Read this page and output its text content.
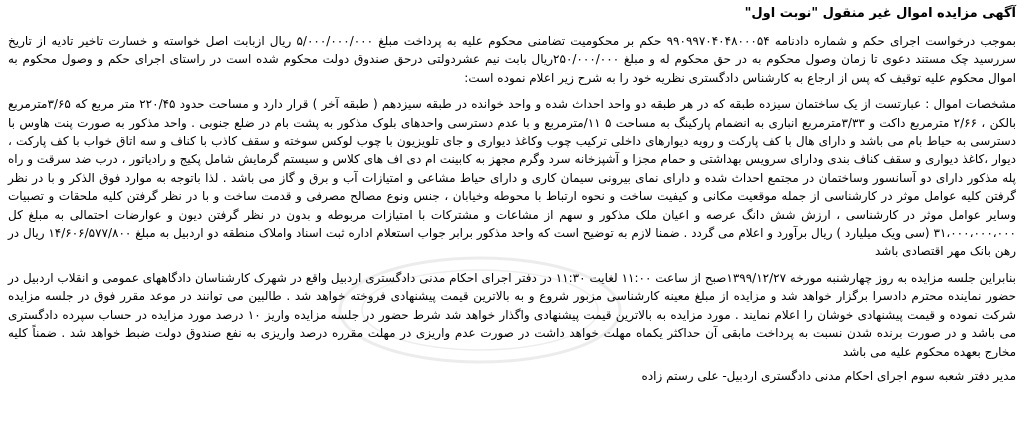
آگهی مزایده اموال غیر منقول "نوبت اول"

بموجب درخواست اجرای حکم و شماره دادنامه ۹۹۰۹۹۷۰۴۰۴۸۰۰۰۵۴ حکم بر محکومیت تضامنی محکوم علیه به پرداخت مبلغ ۵/۰۰۰/۰۰۰/۰۰۰ ریال ازبابت اصل خواسته و خسارت تاخیر تادیه از تاریخ سررسید چک مستند دعوی تا زمان وصول محکوم به در حق محکوم له و مبلغ ۲۵۰/۰۰۰/۰۰۰ریال بابت نیم عشردولتی درحق صندوق دولت محکوم شده است در راستای اجرای حکم و وصول محکوم به اموال محکوم علیه توقیف که پس از ارجاع به کارشناس دادگستری نظریه خود را به شرح زیر اعلام نموده است:

مشخصات اموال : عبارتست از یک ساختمان سیزده طبقه که در هر طبقه دو واحد احداث شده و واحد خوانده در طبقه سیزدهم ( طبقه آخر ) قرار دارد و مساحت حدود ۲۲۰/۴۵ متر مربع که ۳/۶۵مترمربع بالکن ، ۲/۶۶ مترمربع داکت و ۳/۳۳مترمربع انباری به انضمام پارکینگ به مساحت ۵ ۱۱/مترمربع و با عدم دسترسی واحدهای بلوک مذکور به پشت بام در ضلع جنوبی . واحد مذکور به صورت پنت هاوس با دسترسی به حیاط بام می باشد و دارای هال با کف پارکت و رویه دیوارهای داخلی ترکیب چوب وکاغذ دیواری و جای تلویزیون با چوب لوکس سوخته و سقف کاذب با کناف و سه اتاق خواب با کف پارکت ، دیوار ،کاغذ دیواری و سقف کناف بندی ودارای سرویس بهداشتی و حمام مجزا و آشپزخانه سرد وگرم مجهز به کابینت ام دی اف های کلاس و سیستم گرمایش شامل پکیج و رادیاتور ، درب ضد سرقت و راه پله مذکور دارای دو آسانسور وساختمان در مجتمع احداث شده و دارای نمای بیرونی سیمان کاری و دارای حیاط مشاعی و امتیازات آب و برق و گاز می باشد . لذا باتوجه به موارد فوق الذکر و با در نظر گرفتن کلیه عوامل موثر در کارشناسی از جمله موقعیت مکانی و کیفیت ساخت و نحوه ارتباط با محوطه وخیابان ، جنس ونوع مصالح مصرفی و قدمت ساخت و با در نظر گرفتن کلیه ملحقات و تصبیات وسایر عوامل موثر در کارشناسی ، ارزش شش دانگ عرصه و اعیان ملک مذکور و سهم از مشاعات و مشترکات با امتیازات مربوطه و بدون در نظر گرفتن دیون و عوارضات احتمالی به مبلغ کل ۳۱،۰۰۰،۰۰۰،۰۰۰ (سی ویک میلیارد ) ریال برآورد و اعلام می گردد . ضمنا لازم به توضیح است که واحد مذکور برابر جواب استعلام اداره ثبت اسناد واملاک منطقه دو اردبیل به مبلغ ۱۴/۶۰۶/۵۷۷/۸۰۰ ریال در رهن بانک مهر اقتصادی باشد

بنابراین جلسه مزایده به روز چهارشنبه مورخه ۱۳۹۹/۱۲/۲۷صبح از ساعت ۱۱:۰۰ لغایت ۱۱:۳۰ در دفتر اجرای احکام مدنی دادگستری اردبیل واقع در شهرک کارشناسان دادگاههای عمومی و انقلاب اردبیل در حضور نماینده محترم دادسرا برگزار خواهد شد و مزایده از مبلغ معینه کارشناسی مزبور شروع و به بالاترین قیمت پیشنهادی فروخته خواهد شد . طالبین می توانند در موعد مقرر فوق در جلسه مزایده شرکت نموده و قیمت پیشنهادی خوشان را اعلام نمایند . مورد مزایده به بالاترین قیمت پیشنهادی واگذار خواهد شد شرط حضور در جلسه مزایده واریز ۱۰ درصد مورد مزایده در حساب سپرده دادگستری می باشد و در صورت برنده شدن نسبت به پرداخت مابقی آن حداکثر یکماه مهلت خواهد داشت در صورت عدم واریزی در مهلت مقرره درصد واریزی به نفع صندوق دولت ضبط خواهد شد . ضمناً کلیه مخارج بعهده محکوم علیه می باشد

مدیر دفتر شعبه سوم اجرای احکام مدنی دادگستری اردبیل- علی رستم زاده
